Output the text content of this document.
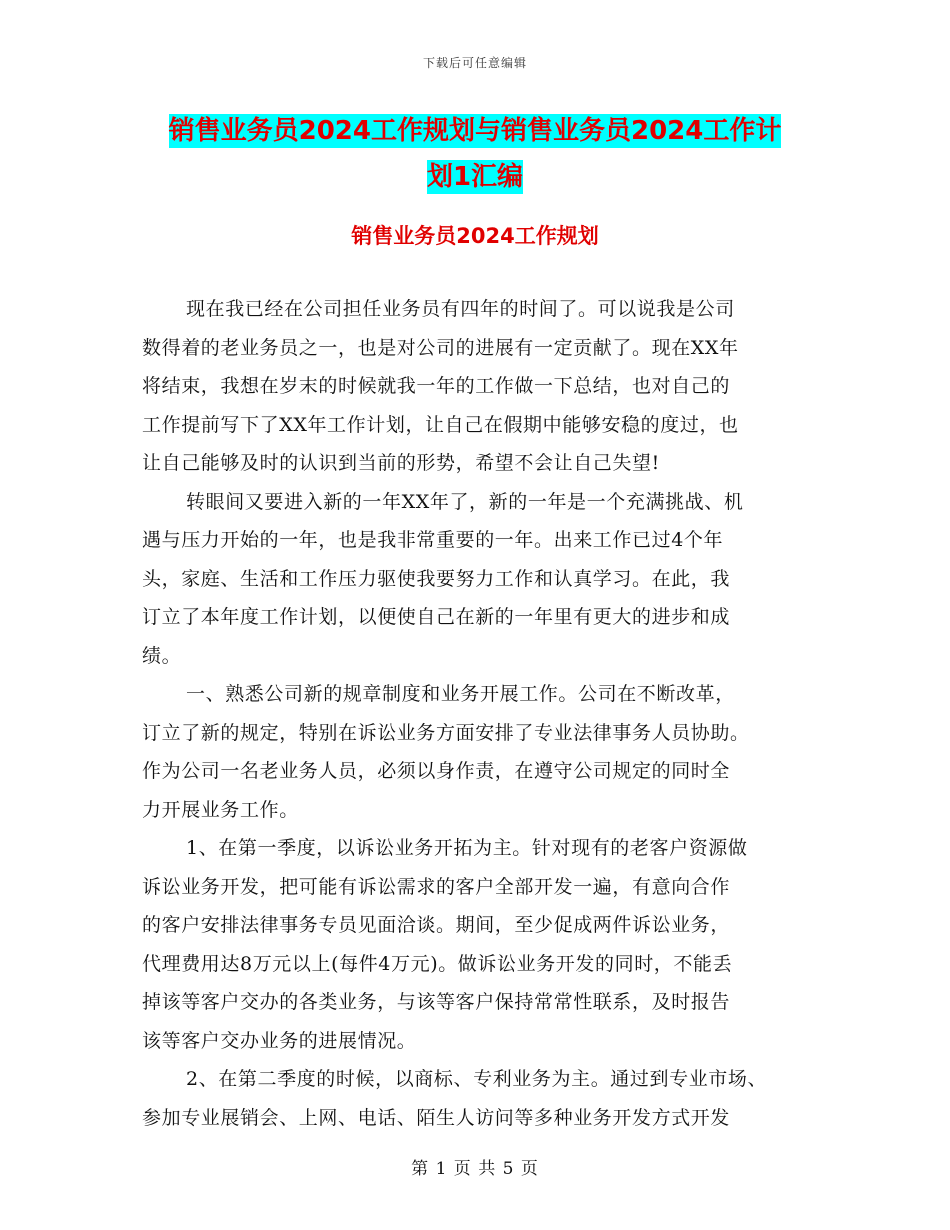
下载后可任意编辑
销售业务员2024工作规划与销售业务员2024工作计
划1汇编
销售业务员2024工作规划

现在我已经在公司担任业务员有四年的时间了。可以说我是公司
数得着的老业务员之一，也是对公司的进展有一定贡献了。现在XX年
将结束，我想在岁末的时候就我一年的工作做一下总结，也对自己的
工作提前写下了XX年工作计划，让自己在假期中能够安稳的度过，也
让自己能够及时的认识到当前的形势，希望不会让自己失望!

转眼间又要进入新的一年XX年了，新的一年是一个充满挑战、机
遇与压力开始的一年，也是我非常重要的一年。出来工作已过4个年
头，家庭、生活和工作压力驱使我要努力工作和认真学习。在此，我
订立了本年度工作计划，以便使自己在新的一年里有更大的进步和成
绩。

一、熟悉公司新的规章制度和业务开展工作。公司在不断改革，
订立了新的规定，特别在诉讼业务方面安排了专业法律事务人员协助。
作为公司一名老业务人员，必须以身作责，在遵守公司规定的同时全
力开展业务工作。

1、在第一季度，以诉讼业务开拓为主。针对现有的老客户资源做
诉讼业务开发，把可能有诉讼需求的客户全部开发一遍，有意向合作
的客户安排法律事务专员见面洽谈。期间，至少促成两件诉讼业务，
代理费用达8万元以上(每件4万元)。做诉讼业务开发的同时，不能丢
掉该等客户交办的各类业务，与该等客户保持常常性联系，及时报告
该等客户交办业务的进展情况。

2、在第二季度的时候，以商标、专利业务为主。通过到专业市场、
参加专业展销会、上网、电话、陌生人访问等多种业务开发方式开发

第 1 页 共 5 页
